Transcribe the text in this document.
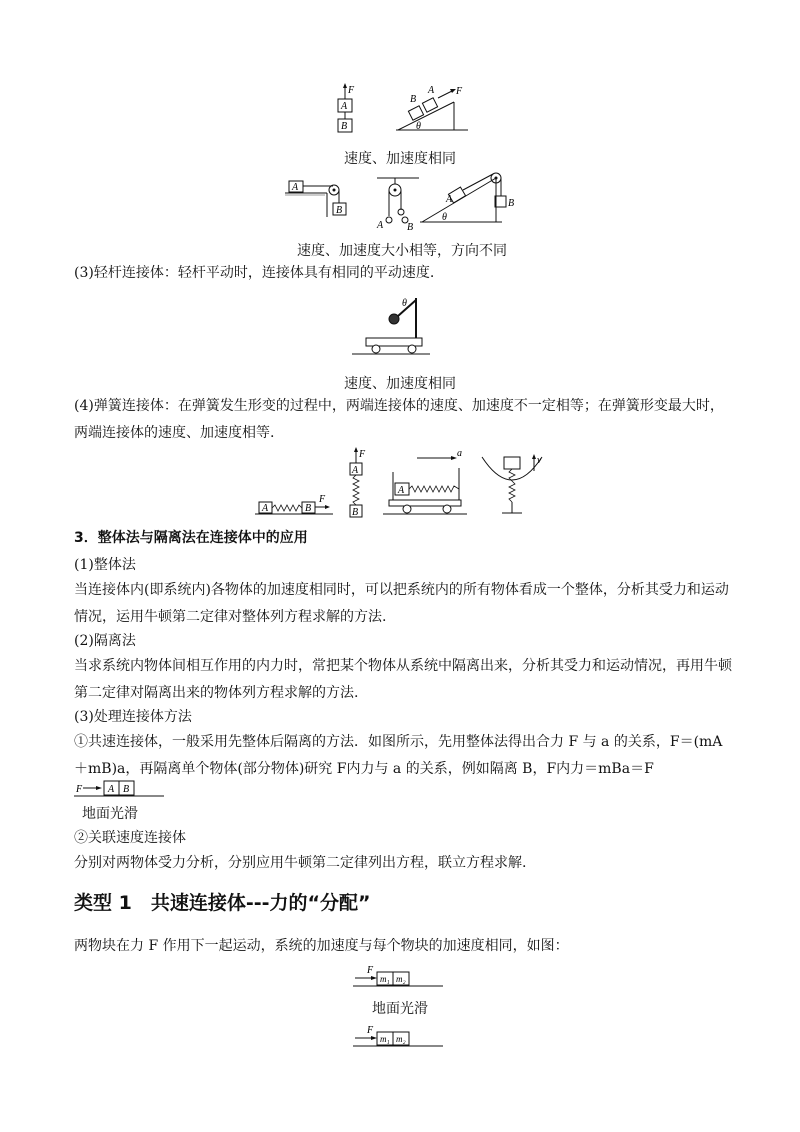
F
A
B
B
A F
θ
速度、加速度相同
A
B
A B
B
A
θ
速度、加速度大小相等，方向不同

(3)轻杆连接体：轻杆平动时，连接体具有相同的平动速度.

θ
速度、加速度相同

(4)弹簧连接体：在弹簧发生形变的过程中，两端连接体的速度、加速度不一定相等；在弹簧形变最大时，两端连接体的速度、加速度相等.

A	B
F
F
A
B
a
A
v
3．整体法与隔离法在连接体中的应用

(1)整体法

当连接体内(即系统内)各物体的加速度相同时，可以把系统内的所有物体看成一个整体，分析其受力和运动情况，运用牛顿第二定律对整体列方程求解的方法.

(2)隔离法

当求系统内物体间相互作用的内力时，常把某个物体从系统中隔离出来，分析其受力和运动情况，再用牛顿第二定律对隔离出来的物体列方程求解的方法.

(3)处理连接体方法

①共速连接体，一般采用先整体后隔离的方法．如图所示，先用整体法得出合力 F 与 a 的关系，F＝(mA＋mB)a，再隔离单个物体(部分物体)研究 F内力与 a 的关系，例如隔离 B，F内力＝mBa＝F

F	A B
地面光滑

②关联速度连接体

分别对两物体受力分析，分别应用牛顿第二定律列出方程，联立方程求解.

类型 1　共速连接体---力的“分配”

两物块在力 F 作用下一起运动，系统的加速度与每个物块的加速度相同，如图：

F
m₁ m₂
地面光滑
F
m₁ m₂
